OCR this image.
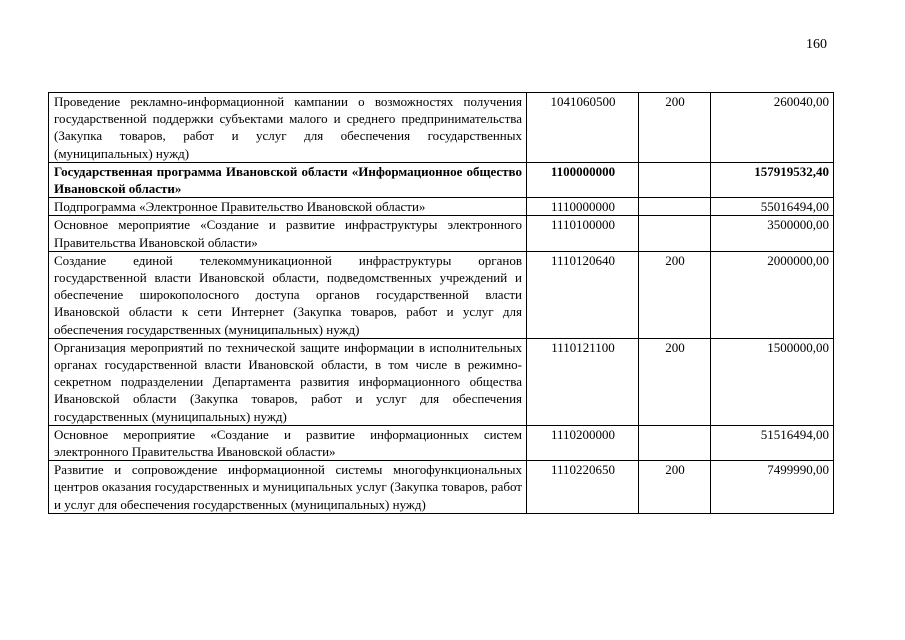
160
Проведение рекламно-информационной кампании о возможностях получения государственной поддержки субъектами малого и среднего предпринимательства (Закупка товаров, работ и услуг для обеспечения государственных (муниципальных) нужд)	1041060500	200	260040,00
Государственная программа Ивановской области «Информационное общество Ивановской области»	1100000000		157919532,40
Подпрограмма «Электронное Правительство Ивановской области»	1110000000		55016494,00
Основное мероприятие «Создание и развитие инфраструктуры электронного Правительства Ивановской области»	1110100000		3500000,00
Создание единой телекоммуникационной инфраструктуры органов государственной власти Ивановской области, подведомственных учреждений и обеспечение широкополосного доступа органов государственной власти Ивановской области к сети Интернет (Закупка товаров, работ и услуг для обеспечения государственных (муниципальных) нужд)	1110120640	200	2000000,00
Организация мероприятий по технической защите информации в исполнительных органах государственной власти Ивановской области, в том числе в режимно-секретном подразделении Департамента развития информационного общества Ивановской области (Закупка товаров, работ и услуг для обеспечения государственных (муниципальных) нужд)	1110121100	200	1500000,00
Основное мероприятие «Создание и развитие информационных систем электронного Правительства Ивановской области»	1110200000		51516494,00
Развитие и сопровождение информационной системы многофункциональных центров оказания государственных и муниципальных услуг (Закупка товаров, работ и услуг для обеспечения государственных (муниципальных) нужд)	1110220650	200	7499990,00
